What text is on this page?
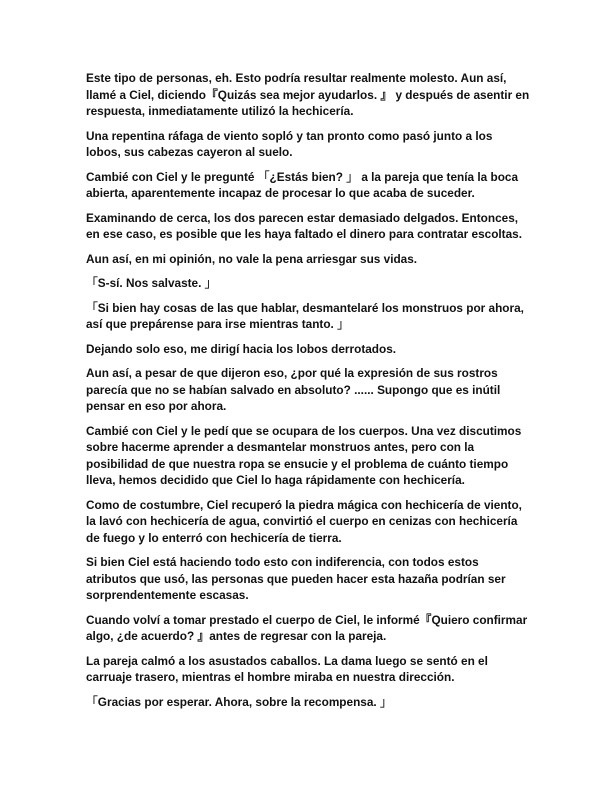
Este tipo de personas, eh. Esto podría resultar realmente molesto. Aun así, llamé a Ciel, diciendo『Quizás sea mejor ayudarlos. 』 y después de asentir en respuesta, inmediatamente utilizó la hechicería.

Una repentina ráfaga de viento sopló y tan pronto como pasó junto a los lobos, sus cabezas cayeron al suelo.

Cambié con Ciel y le pregunté 「¿Estás bien? 」 a la pareja que tenía la boca abierta, aparentemente incapaz de procesar lo que acaba de suceder.

Examinando de cerca, los dos parecen estar demasiado delgados. Entonces, en ese caso, es posible que les haya faltado el dinero para contratar escoltas.

Aun así, en mi opinión, no vale la pena arriesgar sus vidas.

「S-sí. Nos salvaste. 」

「Si bien hay cosas de las que hablar, desmantelaré los monstruos por ahora, así que prepárense para irse mientras tanto. 」

Dejando solo eso, me dirigí hacia los lobos derrotados.

Aun así, a pesar de que dijeron eso, ¿por qué la expresión de sus rostros parecía que no se habían salvado en absoluto? ...... Supongo que es inútil pensar en eso por ahora.

Cambié con Ciel y le pedí que se ocupara de los cuerpos. Una vez discutimos sobre hacerme aprender a desmantelar monstruos antes, pero con la posibilidad de que nuestra ropa se ensucie y el problema de cuánto tiempo lleva, hemos decidido que Ciel lo haga rápidamente con hechicería.

Como de costumbre, Ciel recuperó la piedra mágica con hechicería de viento, la lavó con hechicería de agua, convirtió el cuerpo en cenizas con hechicería de fuego y lo enterró con hechicería de tierra.

Si bien Ciel está haciendo todo esto con indiferencia, con todos estos atributos que usó, las personas que pueden hacer esta hazaña podrían ser sorprendentemente escasas.

Cuando volví a tomar prestado el cuerpo de Ciel, le informé『Quiero confirmar algo, ¿de acuerdo? 』antes de regresar con la pareja.

La pareja calmó a los asustados caballos. La dama luego se sentó en el carruaje trasero, mientras el hombre miraba en nuestra dirección.

「Gracias por esperar. Ahora, sobre la recompensa. 」
